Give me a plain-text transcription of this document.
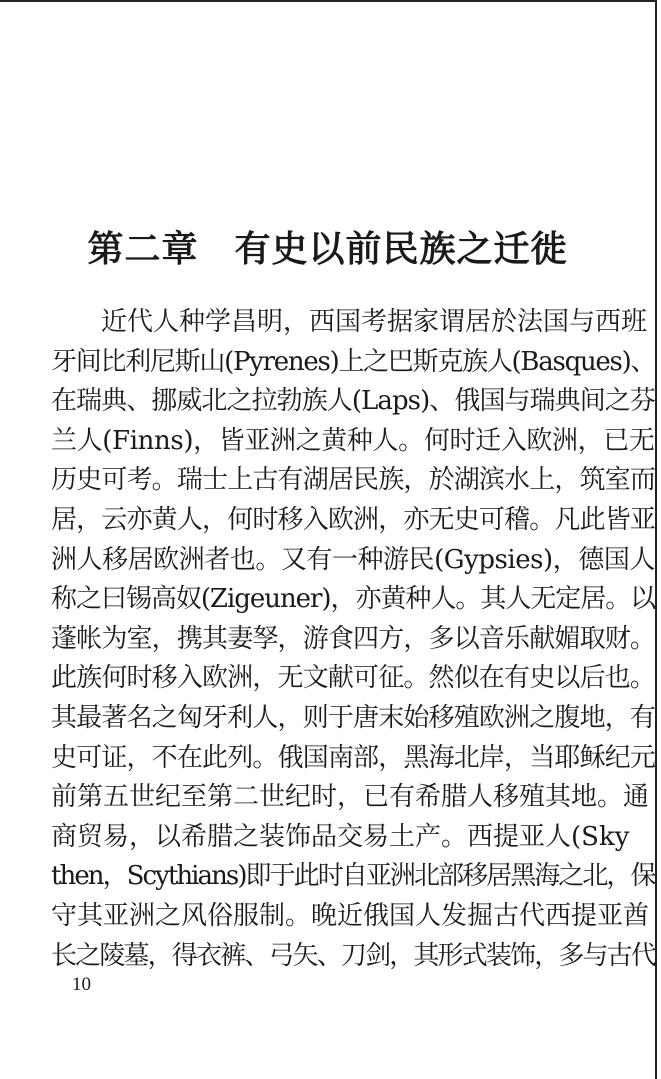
第二章 有史以前民族之迁徙
近代人种学昌明，西国考据家谓居於法国与西班
牙间比利尼斯山(Pyrenes)上之巴斯克族人(Basques)、
在瑞典、挪威北之拉勃族人(Laps)、俄国与瑞典间之芬
兰人(Finns)，皆亚洲之黄种人。何时迁入欧洲，已无
历史可考。瑞士上古有湖居民族，於湖滨水上，筑室而
居，云亦黄人，何时移入欧洲，亦无史可稽。凡此皆亚
洲人移居欧洲者也。又有一种游民(Gypsies)，德国人
称之曰锡高奴(Zigeuner)，亦黄种人。其人无定居。以
蓬帐为室，携其妻孥，游食四方，多以音乐献媚取财。
此族何时移入欧洲，无文献可征。然似在有史以后也。
其最著名之匈牙利人，则于唐末始移殖欧洲之腹地，有
史可证，不在此列。俄国南部，黑海北岸，当耶稣纪元
前第五世纪至第二世纪时，已有希腊人移殖其地。通
商贸易，以希腊之装饰品交易土产。西提亚人(Sky
then，Scythians)即于此时自亚洲北部移居黑海之北，保
守其亚洲之风俗服制。晚近俄国人发掘古代西提亚酋
长之陵墓，得衣裤、弓矢、刀剑，其形式装饰，多与古代
10
